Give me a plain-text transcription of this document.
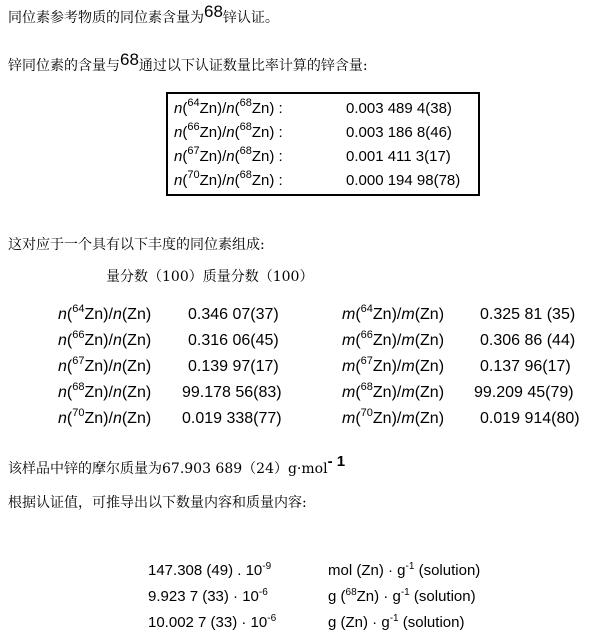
同位素参考物质的同位素含量为68锌认证。
锌同位素的含量与68通过以下认证数量比率计算的锌含量:
n($^{64}$Zn)/n($^{68}$Zn) :	0.003 489 4(38)
n($^{66}$Zn)/n($^{68}$Zn) :	0.003 186 8(46)
n($^{67}$Zn)/n($^{68}$Zn) :	0.001 411 3(17)
n($^{70}$Zn)/n($^{68}$Zn) :	0.000 194 98(78)
这对应于一个具有以下丰度的同位素组成:
量分数（100）质量分数（100）
n($^{64}$Zn)/n(Zn) 0.346 07(37)	m($^{64}$Zn)/m(Zn) 0.325 81 (35)
n($^{66}$Zn)/n(Zn) 0.316 06(45)	m($^{66}$Zn)/m(Zn) 0.306 86 (44)
n($^{67}$Zn)/n(Zn) 0.139 97(17)	m($^{67}$Zn)/m(Zn) 0.137 96(17)
n($^{68}$Zn)/n(Zn) 99.178 56(83)	m($^{68}$Zn)/m(Zn) 99.209 45(79)
n($^{70}$Zn)/n(Zn) 0.019 338(77)	m($^{70}$Zn)/m(Zn) 0.019 914(80)
该样品中锌的摩尔质量为67.903 689（24）g·mol- 1
根据认证值，可推导出以下数量内容和质量内容:
147.308 (49) . $10^{-9}$	mol $(Zn) \cdot g^{-1}$ (solution)
9.923 7 $(33) \cdot 10^{-6}$	g $(^{68}Zn) \cdot g^{-1}$ (solution)
10.002 7 $(33) \cdot 10^{-6}$	g $(Zn) \cdot g^{-1}$ (solution)
